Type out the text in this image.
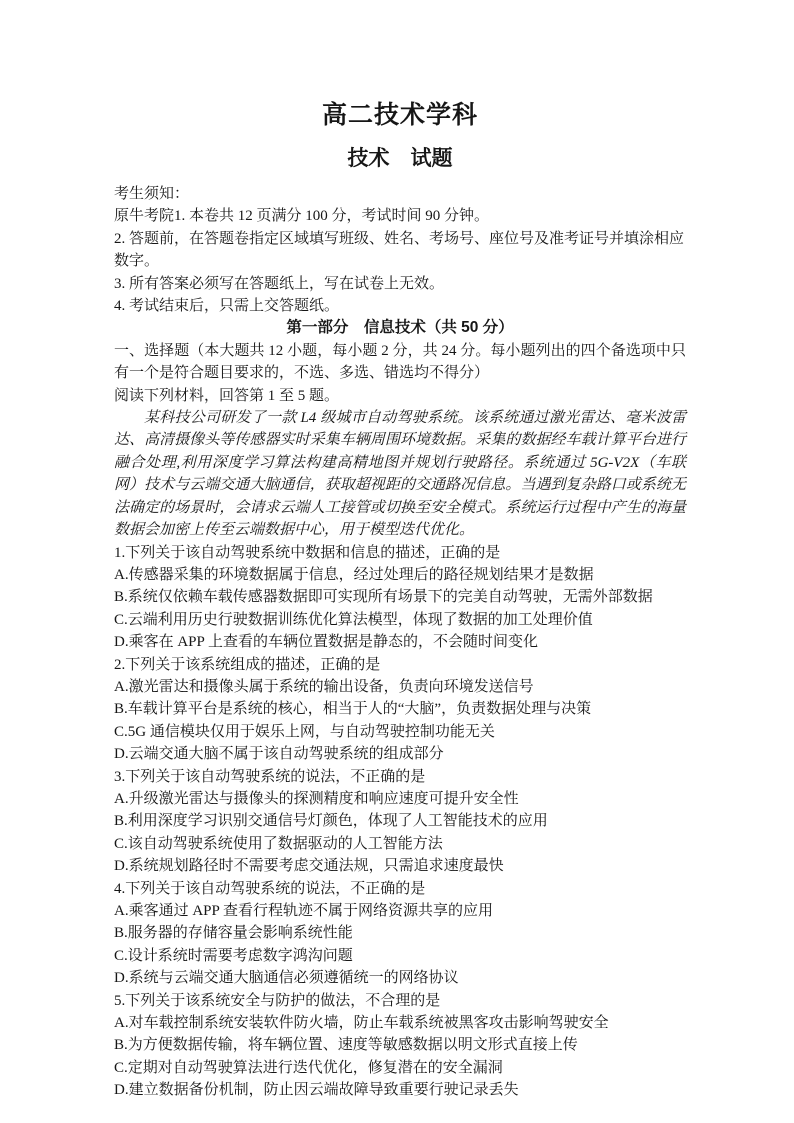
高二技术学科
技术　试题

考生须知：

原牛考院1. 本卷共 12 页满分 100 分，考试时间 90 分钟。

2. 答题前，在答题卷指定区域填写班级、姓名、考场号、座位号及准考证号并填涂相应数字。

3. 所有答案必须写在答题纸上，写在试卷上无效。

4. 考试结束后，只需上交答题纸。

第一部分　信息技术（共 50 分）

一、选择题（本大题共 12 小题，每小题 2 分，共 24 分。每小题列出的四个备选项中只有一个是符合题目要求的，不选、多选、错选均不得分）

阅读下列材料，回答第 1 至 5 题。

某科技公司研发了一款 L4 级城市自动驾驶系统。该系统通过激光雷达、毫米波雷达、高清摄像头等传感器实时采集车辆周围环境数据。采集的数据经车载计算平台进行融合处理,利用深度学习算法构建高精地图并规划行驶路径。系统通过 5G-V2X（车联网）技术与云端交通大脑通信，获取超视距的交通路况信息。当遇到复杂路口或系统无法确定的场景时，会请求云端人工接管或切换至安全模式。系统运行过程中产生的海量数据会加密上传至云端数据中心，用于模型迭代优化。

1.下列关于该自动驾驶系统中数据和信息的描述，正确的是

A.传感器采集的环境数据属于信息，经过处理后的路径规划结果才是数据

B.系统仅依赖车载传感器数据即可实现所有场景下的完美自动驾驶，无需外部数据

C.云端利用历史行驶数据训练优化算法模型，体现了数据的加工处理价值

D.乘客在 APP 上查看的车辆位置数据是静态的，不会随时间变化

2.下列关于该系统组成的描述，正确的是

A.激光雷达和摄像头属于系统的输出设备，负责向环境发送信号

B.车载计算平台是系统的核心，相当于人的“大脑”，负责数据处理与决策

C.5G 通信模块仅用于娱乐上网，与自动驾驶控制功能无关

D.云端交通大脑不属于该自动驾驶系统的组成部分

3.下列关于该自动驾驶系统的说法，不正确的是

A.升级激光雷达与摄像头的探测精度和响应速度可提升安全性

B.利用深度学习识别交通信号灯颜色，体现了人工智能技术的应用

C.该自动驾驶系统使用了数据驱动的人工智能方法

D.系统规划路径时不需要考虑交通法规，只需追求速度最快

4.下列关于该自动驾驶系统的说法，不正确的是

A.乘客通过 APP 查看行程轨迹不属于网络资源共享的应用

B.服务器的存储容量会影响系统性能

C.设计系统时需要考虑数字鸿沟问题

D.系统与云端交通大脑通信必须遵循统一的网络协议

5.下列关于该系统安全与防护的做法，不合理的是

A.对车载控制系统安装软件防火墙，防止车载系统被黑客攻击影响驾驶安全

B.为方便数据传输，将车辆位置、速度等敏感数据以明文形式直接上传

C.定期对自动驾驶算法进行迭代优化，修复潜在的安全漏洞

D.建立数据备份机制，防止因云端故障导致重要行驶记录丢失
